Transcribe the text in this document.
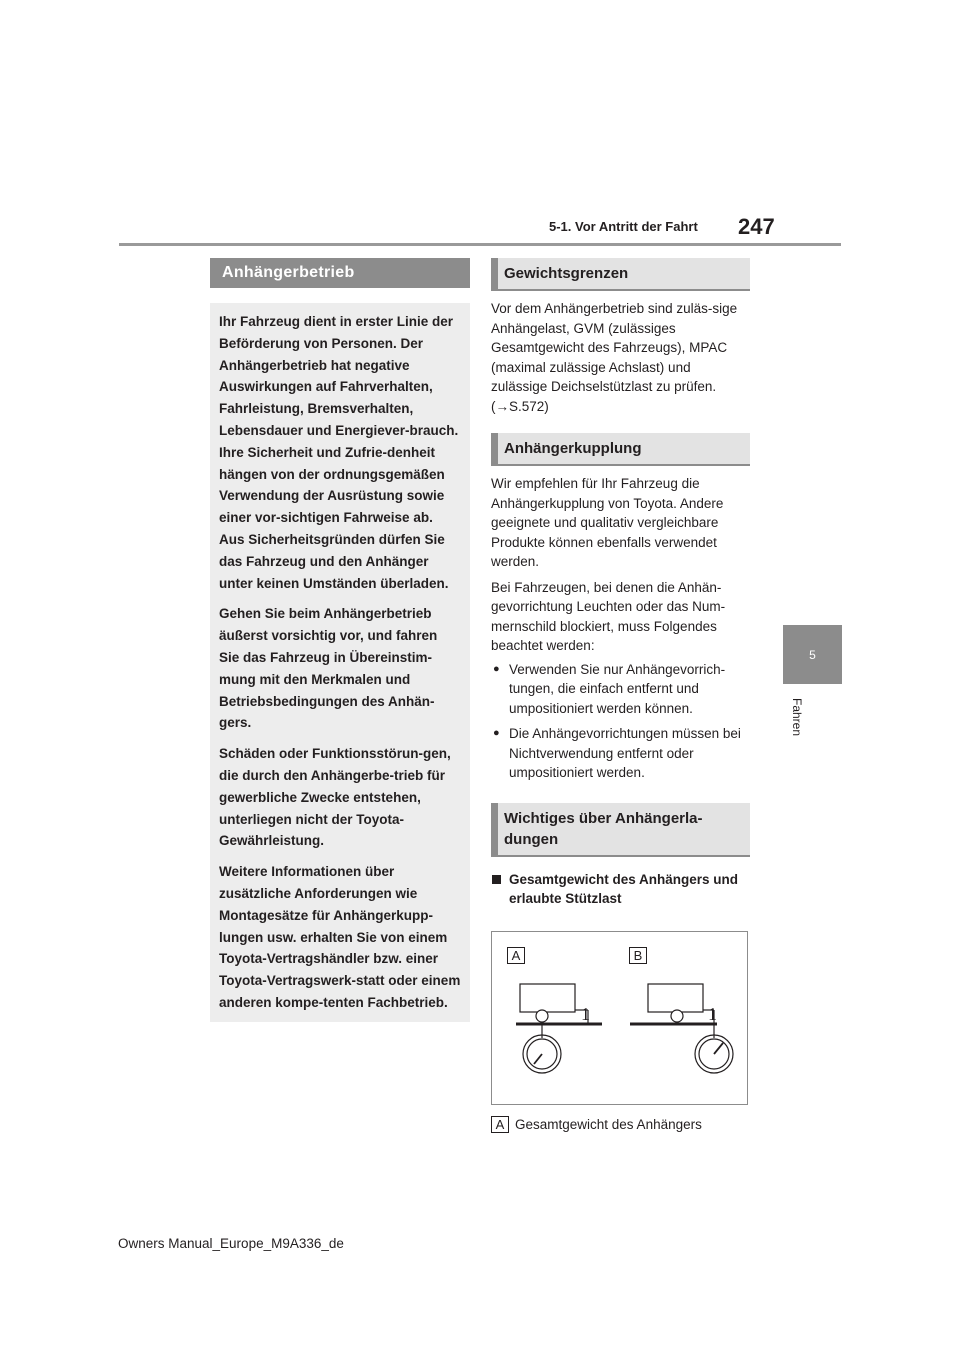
5-1. Vor Antritt der Fahrt 247
5
Fahren
Anhängerbetrieb

Ihr Fahrzeug dient in erster Linie der Beförderung von Personen. Der Anhängerbetrieb hat negative Auswirkungen auf Fahrverhalten, Fahrleistung, Bremsverhalten, Lebensdauer und Energiever-brauch. Ihre Sicherheit und Zufrie-denheit hängen von der ordnungsgemäßen Verwendung der Ausrüstung sowie einer vor-sichtigen Fahrweise ab. Aus Sicherheitsgründen dürfen Sie das Fahrzeug und den Anhänger unter keinen Umständen überladen.

Gehen Sie beim Anhängerbetrieb äußerst vorsichtig vor, und fahren Sie das Fahrzeug in Übereinstim-mung mit den Merkmalen und Betriebsbedingungen des Anhän-gers.

Schäden oder Funktionsstörun-gen, die durch den Anhängerbe-trieb für gewerbliche Zwecke entstehen, unterliegen nicht der Toyota-Gewährleistung.

Weitere Informationen über zusätzliche Anforderungen wie Montagesätze für Anhängerkupp-lungen usw. erhalten Sie von einem Toyota-Vertragshändler bzw. einer Toyota-Vertragswerk-statt oder einem anderen kompe-tenten Fachbetrieb.

Gewichtsgrenzen

Vor dem Anhängerbetrieb sind zuläs-sige Anhängelast, GVM (zulässiges Gesamtgewicht des Fahrzeugs), MPAC (maximal zulässige Achslast) und zulässige Deichselstützlast zu prüfen. (→S.572)

Anhängerkupplung

Wir empfehlen für Ihr Fahrzeug die Anhängerkupplung von Toyota. Andere geeignete und qualitativ vergleichbare Produkte können ebenfalls verwendet werden.

Bei Fahrzeugen, bei denen die Anhän-gevorrichtung Leuchten oder das Num-mernschild blockiert, muss Folgendes beachtet werden:

● Verwenden Sie nur Anhängevorrich-tungen, die einfach entfernt und umpositioniert werden können.
● Die Anhängevorrichtungen müssen bei Nichtverwendung entfernt oder umpositioniert werden.
Wichtiges über Anhängerla-dungen
Gesamtgewicht des Anhängers und erlaubte Stützlast
A	B
1	1
A Gesamtgewicht des Anhängers
Owners Manual_Europe_M9A336_de
